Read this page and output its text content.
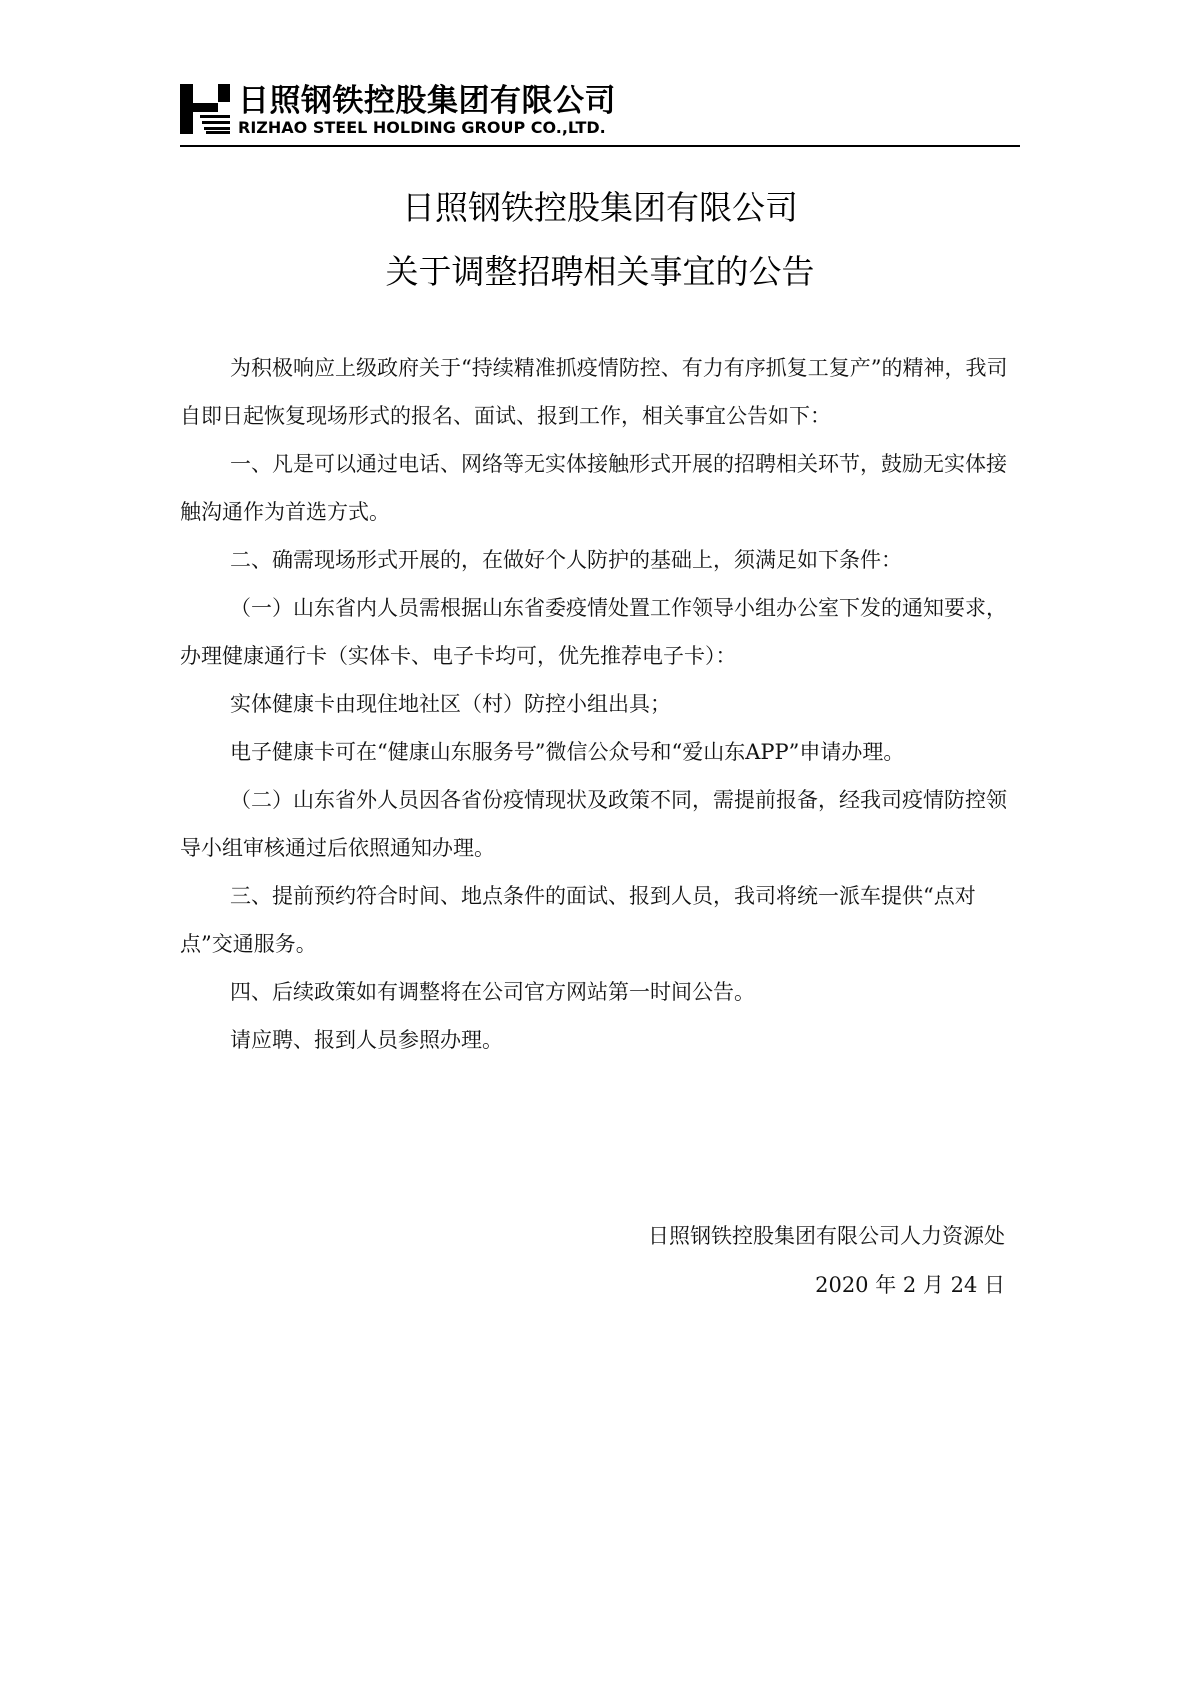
日照钢铁控股集团有限公司
RIZHAO STEEL HOLDING GROUP CO.,LTD.
日照钢铁控股集团有限公司
关于调整招聘相关事宜的公告

为积极响应上级政府关于“持续精准抓疫情防控、有力有序抓复工复产”的精神，我司自即日起恢复现场形式的报名、面试、报到工作，相关事宜公告如下：

一、凡是可以通过电话、网络等无实体接触形式开展的招聘相关环节，鼓励无实体接触沟通作为首选方式。

二、确需现场形式开展的，在做好个人防护的基础上，须满足如下条件：

（一）山东省内人员需根据山东省委疫情处置工作领导小组办公室下发的通知要求，办理健康通行卡（实体卡、电子卡均可，优先推荐电子卡）：

实体健康卡由现住地社区（村）防控小组出具；

电子健康卡可在“健康山东服务号”微信公众号和“爱山东APP”申请办理。

（二）山东省外人员因各省份疫情现状及政策不同，需提前报备，经我司疫情防控领导小组审核通过后依照通知办理。

三、提前预约符合时间、地点条件的面试、报到人员，我司将统一派车提供“点对点”交通服务。

四、后续政策如有调整将在公司官方网站第一时间公告。

请应聘、报到人员参照办理。

日照钢铁控股集团有限公司人力资源处
2020 年 2 月 24 日
